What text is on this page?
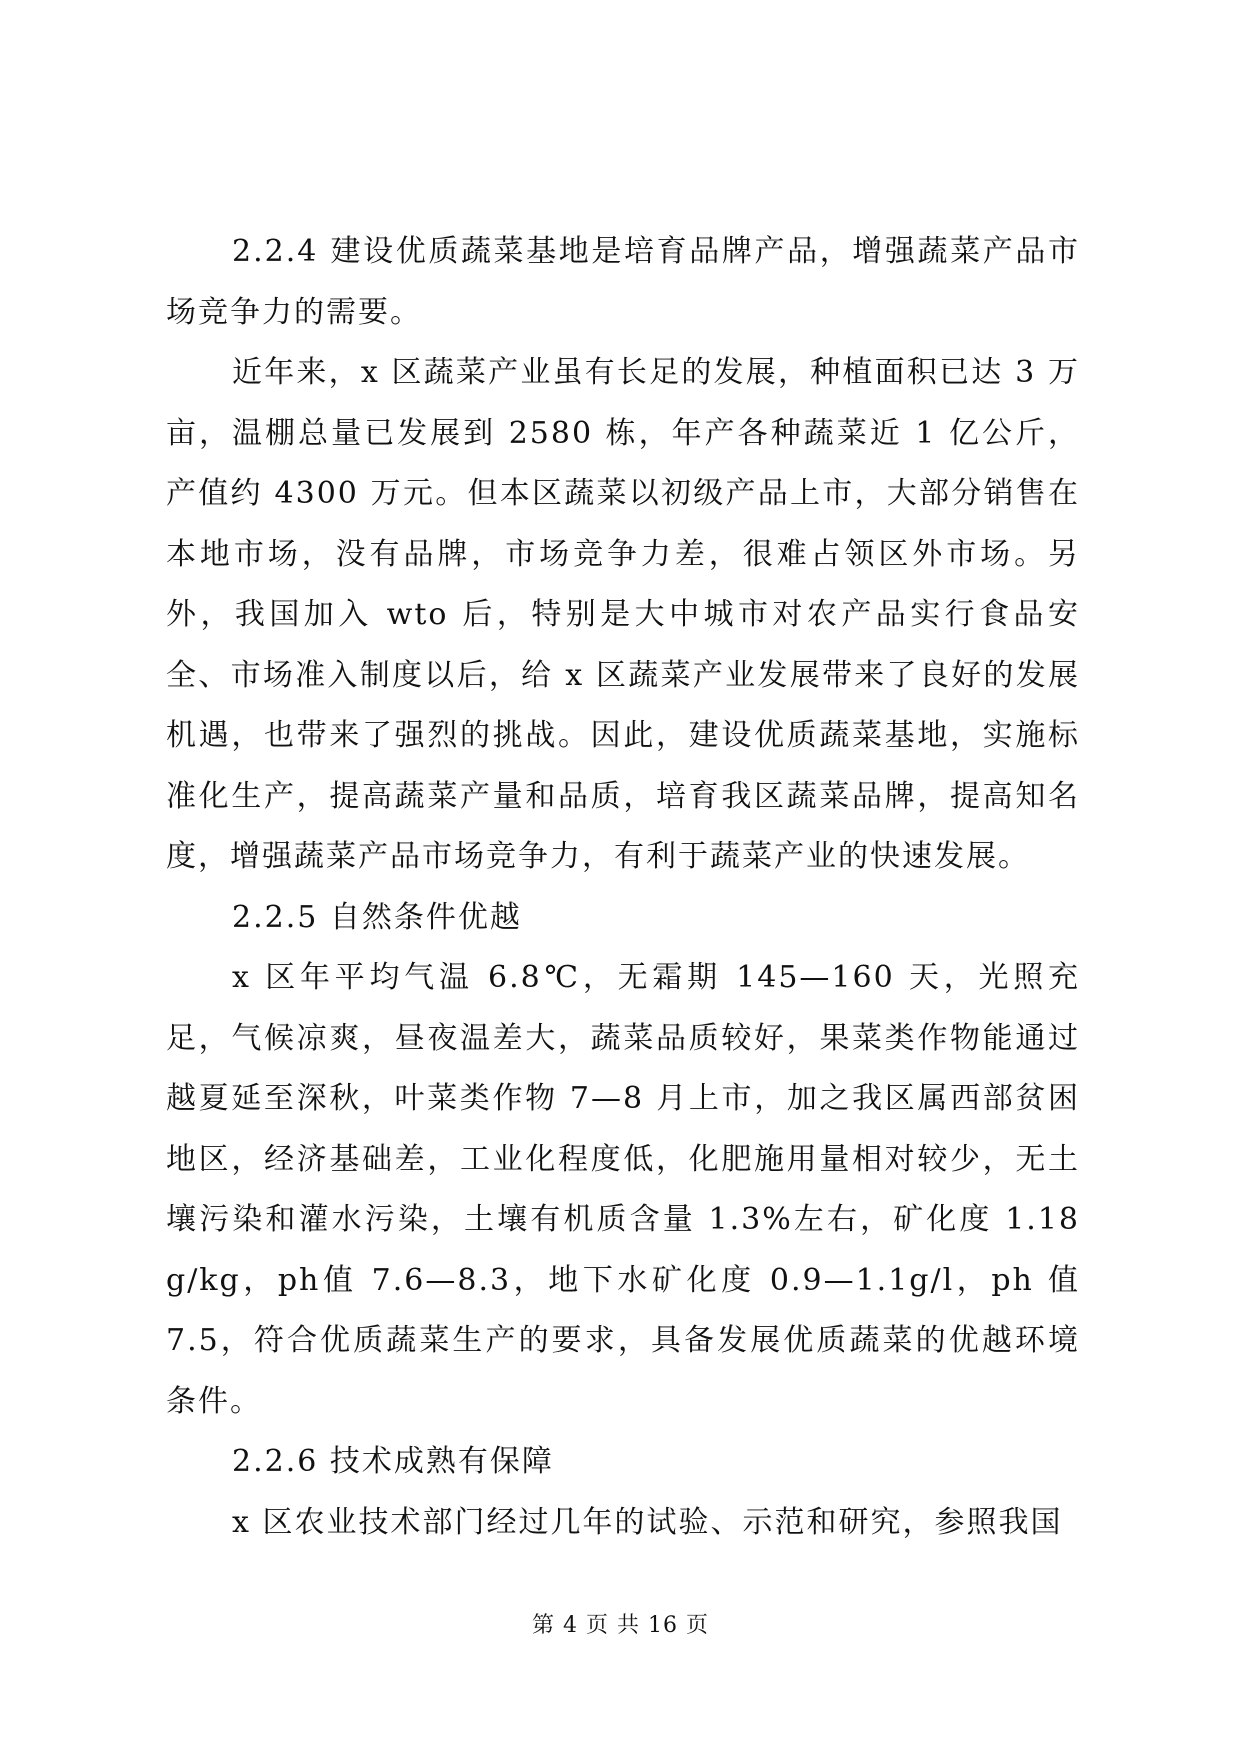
2.2.4 建设优质蔬菜基地是培育品牌产品，增强蔬菜产品市场竞争力的需要。

近年来，x 区蔬菜产业虽有长足的发展，种植面积已达 3 万亩，温棚总量已发展到 2580 栋，年产各种蔬菜近 1 亿公斤，产值约 4300 万元。但本区蔬菜以初级产品上市，大部分销售在本地市场，没有品牌，市场竞争力差，很难占领区外市场。另外，我国加入 wto 后，特别是大中城市对农产品实行食品安全、市场准入制度以后，给 x 区蔬菜产业发展带来了良好的发展机遇，也带来了强烈的挑战。因此，建设优质蔬菜基地，实施标准化生产，提高蔬菜产量和品质，培育我区蔬菜品牌，提高知名度，增强蔬菜产品市场竞争力，有利于蔬菜产业的快速发展。

2.2.5 自然条件优越

x 区年平均气温 6.8℃，无霜期 145—160 天，光照充足，气候凉爽，昼夜温差大，蔬菜品质较好，果菜类作物能通过越夏延至深秋，叶菜类作物 7—8 月上市，加之我区属西部贫困地区，经济基础差，工业化程度低，化肥施用量相对较少，无土壤污染和灌水污染，土壤有机质含量 1.3%左右，矿化度 1.18g/kg，ph值 7.6—8.3，地下水矿化度 0.9—1.1g/l，ph 值 7.5，符合优质蔬菜生产的要求，具备发展优质蔬菜的优越环境条件。

2.2.6 技术成熟有保障

x 区农业技术部门经过几年的试验、示范和研究，参照我国

第 4 页 共 16 页
